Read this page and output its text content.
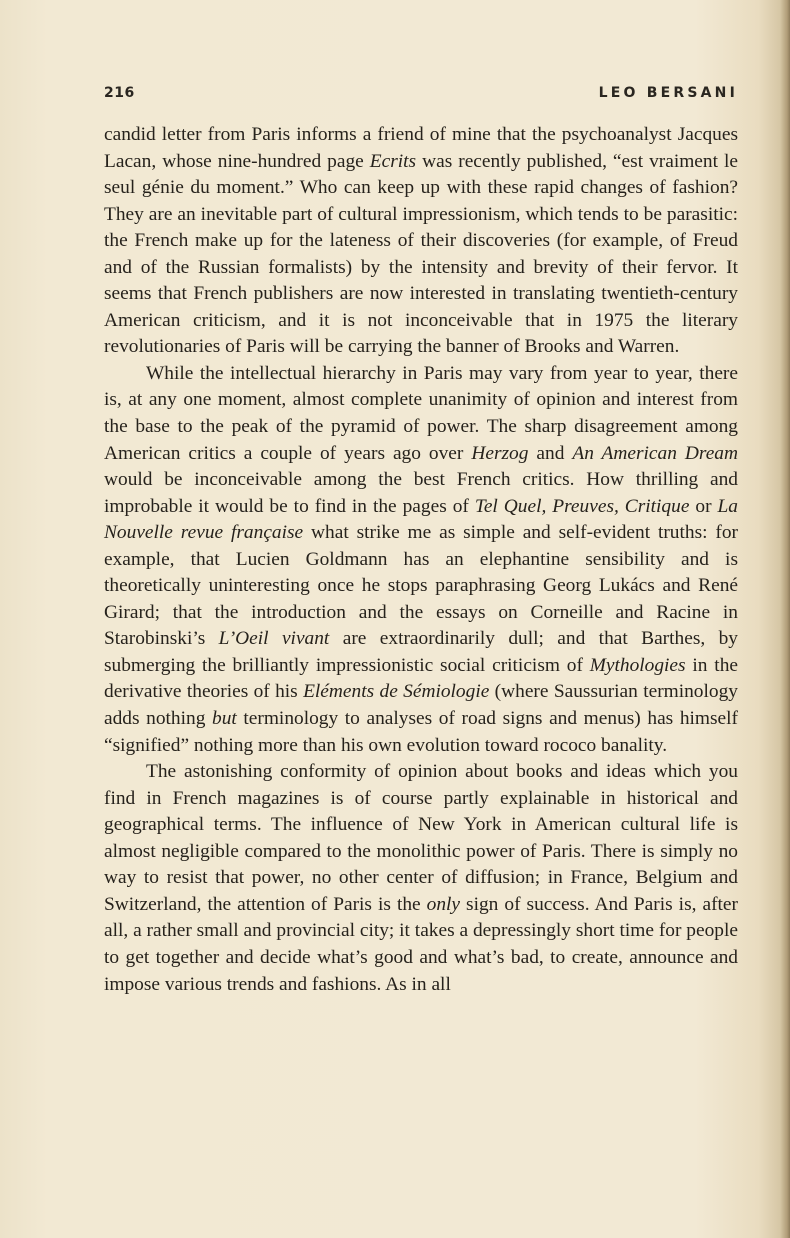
216	LEO BERSANI

candid letter from Paris informs a friend of mine that the psychoanalyst Jacques Lacan, whose nine-hundred page Ecrits was recently published, “est vraiment le seul génie du moment.” Who can keep up with these rapid changes of fashion? They are an inevitable part of cultural impressionism, which tends to be parasitic: the French make up for the lateness of their discoveries (for example, of Freud and of the Russian formalists) by the intensity and brevity of their fervor. It seems that French publishers are now interested in translating twentieth-century American criticism, and it is not inconceivable that in 1975 the literary revolutionaries of Paris will be carrying the banner of Brooks and Warren.

While the intellectual hierarchy in Paris may vary from year to year, there is, at any one moment, almost complete unanimity of opinion and interest from the base to the peak of the pyramid of power. The sharp disagreement among American critics a couple of years ago over Herzog and An American Dream would be inconceivable among the best French critics. How thrilling and improbable it would be to find in the pages of Tel Quel, Preuves, Critique or La Nouvelle revue française what strike me as simple and self-evident truths: for example, that Lucien Goldmann has an elephantine sensibility and is theoretically uninteresting once he stops paraphrasing Georg Lukács and René Girard; that the introduction and the essays on Corneille and Racine in Starobinski’s L’Oeil vivant are extraordinarily dull; and that Barthes, by submerging the brilliantly impressionistic social criticism of Mythologies in the derivative theories of his Eléments de Sémiologie (where Saussurian terminology adds nothing but terminology to analyses of road signs and menus) has himself “signified” nothing more than his own evolution toward rococo banality.

The astonishing conformity of opinion about books and ideas which you find in French magazines is of course partly explainable in historical and geographical terms. The influence of New York in American cultural life is almost negligible compared to the monolithic power of Paris. There is simply no way to resist that power, no other center of diffusion; in France, Belgium and Switzerland, the attention of Paris is the only sign of success. And Paris is, after all, a rather small and provincial city; it takes a depressingly short time for people to get together and decide what’s good and what’s bad, to create, announce and impose various trends and fashions. As in all
